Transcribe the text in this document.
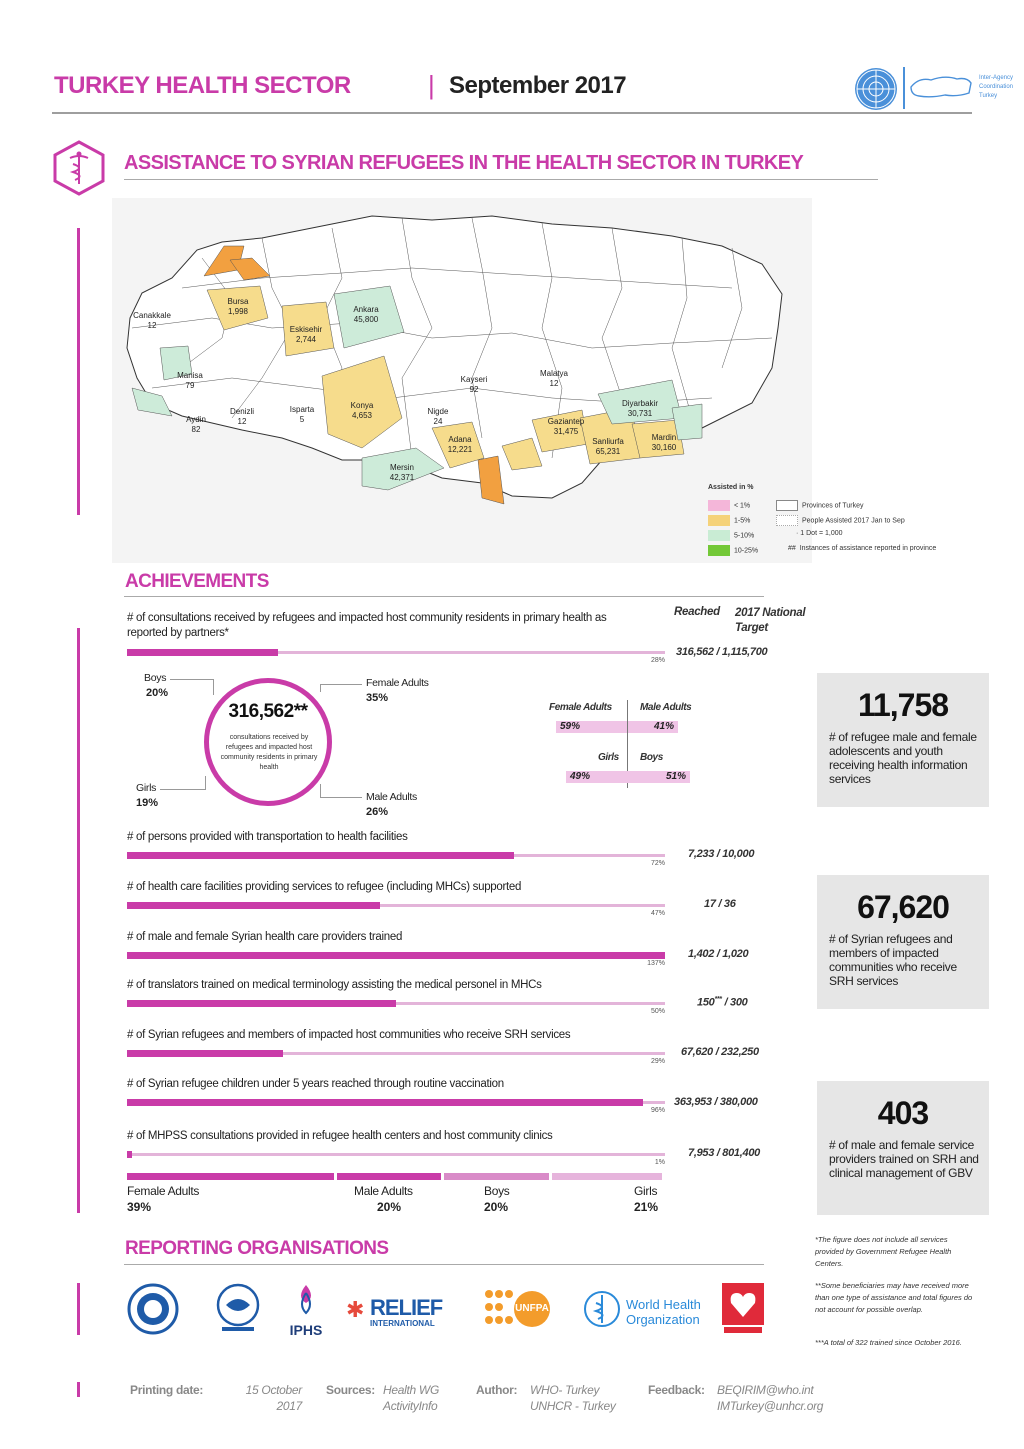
TURKEY HEALTH SECTOR	| September 2017	Inter-Agency Coordination Turkey
ASSISTANCE TO SYRIAN REFUGEES IN THE HEALTH SECTOR IN TURKEY
Bursa
1,998
Eskisehir
2,744
Ankara
45,800
Canakkale
12
Manisa
79
Aydin
82
Denizli
12
Isparta
5
Konya
4,653	Nigde
24
Kayseri
92
Malatya
12
Adana
12,221
Mersin
42,371
Gaziantep
31,475
Sanliurfa
65,231
Diyarbakir
30,731
Mardin
30,160
Assisted in %
< 1%
1-5%
5-10%
10-25%
Provinces of Turkey
People Assisted 2017 Jan to Sep
· 1 Dot = 1,000
## Instances of assistance reported in province
ACHIEVEMENTS
Reached 2017 National Target
# of consultations received by refugees and impacted host community residents in primary health as reported by partners*
28%
316,562 / 1,115,700
316,562**
consultations received by refugees and impacted host community residents in primary health
Boys
20%
Female Adults
35%
Girls
19%	Male Adults
26%
Female Adults	Male Adults
59%	41%
Girls Boys
49%	51%
# of persons provided with transportation to health facilities
72%
7,233 / 10,000
# of health care facilities providing services to refugee (including MHCs) supported
47%
17 / 36
# of male and female Syrian health care providers trained
137%
1,402 / 1,020
# of translators trained on medical terminology assisting the medical personel in MHCs
50%
150*** / 300
# of Syrian refugees and members of impacted host communities who receive SRH services
29%
67,620 / 232,250
# of Syrian refugee children under 5 years reached through routine vaccination
96%
363,953 / 380,000
# of MHPSS consultations provided in refugee health centers and host community clinics
1%
7,953 / 801,400
Female Adults
39%
Male Adults
20%
Boys
20%
Girls
21%
11,758
# of refugee male and female adolescents and youth receiving health information services
67,620
# of Syrian refugees and members of impacted communities who receive SRH services
403
# of male and female service providers trained on SRH and clinical management of GBV
*The figure does not include all services provided by Government Refugee Health Centers.
**Some beneficiaries may have received more than one type of assistance and total figures do not account for possible overlap.
***A total of 322 trained since October 2016.
REPORTING ORGANISATIONS
IPHS
✱ RELIEF
INTERNATIONAL
UNFPA	World Health
Organization
Printing date:	15 October 2017
Sources: Health WG ActivityInfo
Author: WHO- Turkey UNHCR - Turkey
Feedback: BEQIRIM@who.int
IMTurkey@unhcr.org
